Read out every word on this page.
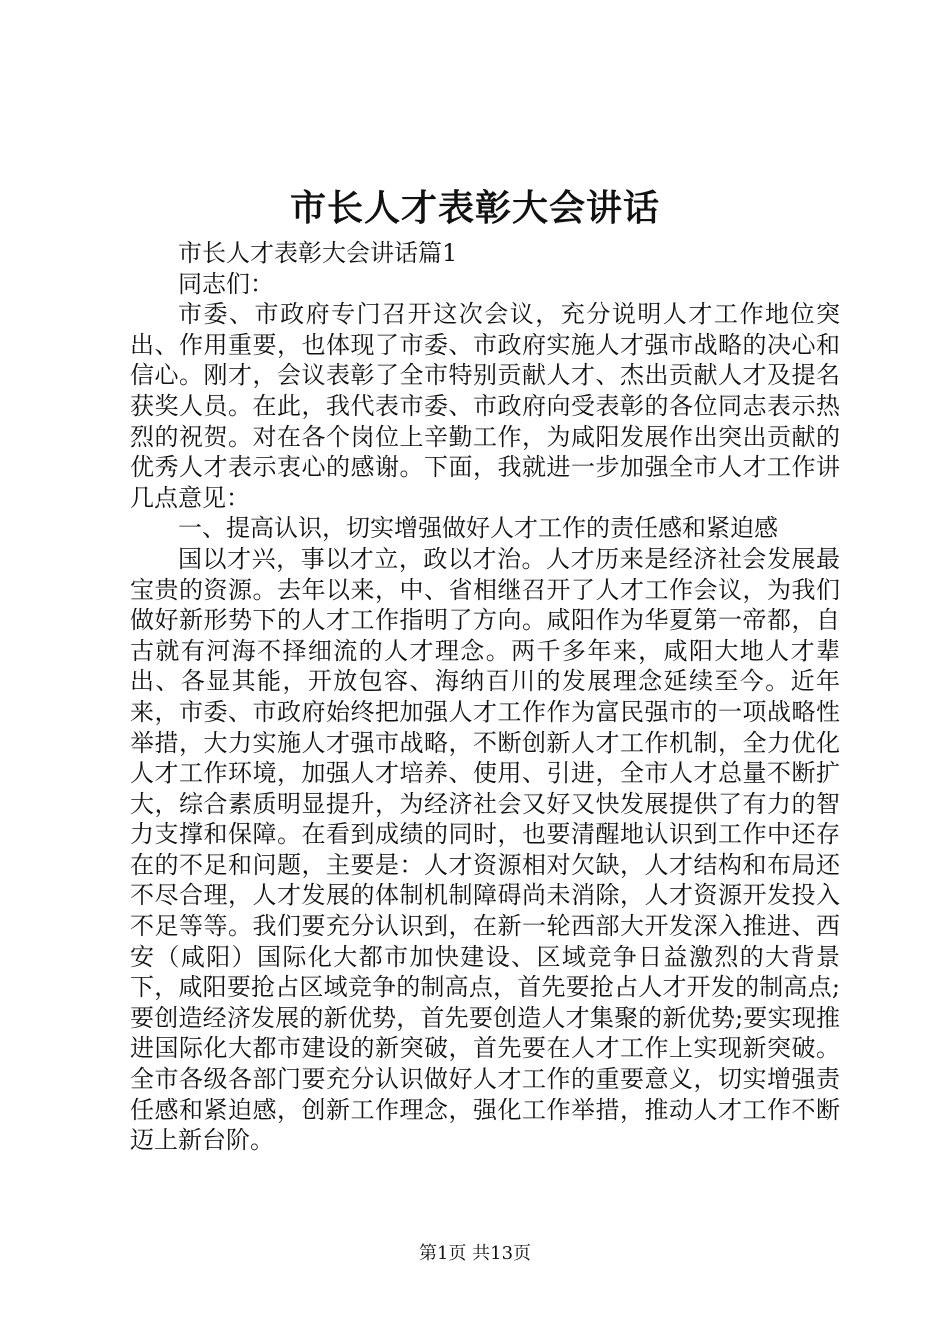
市长人才表彰大会讲话

市长人才表彰大会讲话篇1

同志们：

市委、市政府专门召开这次会议，充分说明人才工作地位突出、作用重要，也体现了市委、市政府实施人才强市战略的决心和信心。刚才，会议表彰了全市特别贡献人才、杰出贡献人才及提名获奖人员。在此，我代表市委、市政府向受表彰的各位同志表示热烈的祝贺。对在各个岗位上辛勤工作，为咸阳发展作出突出贡献的优秀人才表示衷心的感谢。下面，我就进一步加强全市人才工作讲几点意见：

一、提高认识，切实增强做好人才工作的责任感和紧迫感

国以才兴，事以才立，政以才治。人才历来是经济社会发展最宝贵的资源。去年以来，中、省相继召开了人才工作会议，为我们做好新形势下的人才工作指明了方向。咸阳作为华夏第一帝都，自古就有河海不择细流的人才理念。两千多年来，咸阳大地人才辈出、各显其能，开放包容、海纳百川的发展理念延续至今。近年来，市委、市政府始终把加强人才工作作为富民强市的一项战略性举措，大力实施人才强市战略，不断创新人才工作机制，全力优化人才工作环境，加强人才培养、使用、引进，全市人才总量不断扩大，综合素质明显提升，为经济社会又好又快发展提供了有力的智力支撑和保障。在看到成绩的同时，也要清醒地认识到工作中还存在的不足和问题，主要是：人才资源相对欠缺，人才结构和布局还不尽合理，人才发展的体制机制障碍尚未消除，人才资源开发投入不足等等。我们要充分认识到，在新一轮西部大开发深入推进、西安（咸阳）国际化大都市加快建设、区域竞争日益激烈的大背景下，咸阳要抢占区域竞争的制高点，首先要抢占人才开发的制高点;要创造经济发展的新优势，首先要创造人才集聚的新优势;要实现推进国际化大都市建设的新突破，首先要在人才工作上实现新突破。全市各级各部门要充分认识做好人才工作的重要意义，切实增强责任感和紧迫感，创新工作理念，强化工作举措，推动人才工作不断迈上新台阶。

第1页 共13页
